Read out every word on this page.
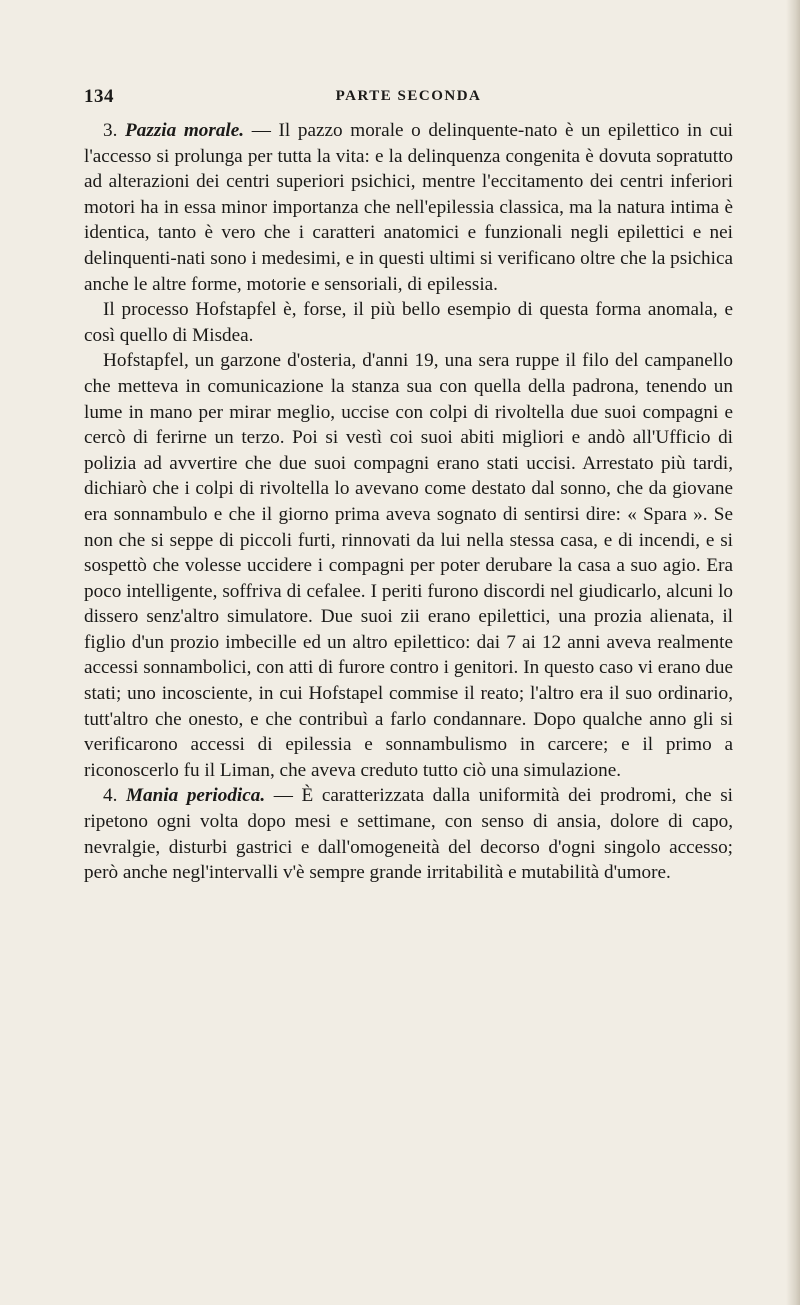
134	PARTE SECONDA

3. Pazzia morale. — Il pazzo morale o delinquente-nato è un epilettico in cui l'accesso si prolunga per tutta la vita: e la delinquenza congenita è dovuta sopratutto ad alterazioni dei centri superiori psichici, mentre l'eccitamento dei centri inferiori motori ha in essa minor importanza che nell'epilessia classica, ma la natura intima è identica, tanto è vero che i caratteri anatomici e funzionali negli epilettici e nei delinquenti-nati sono i medesimi, e in questi ultimi si verificano oltre che la psichica anche le altre forme, motorie e sensoriali, di epilessia.

Il processo Hofstapfel è, forse, il più bello esempio di questa forma anomala, e così quello di Misdea.

Hofstapfel, un garzone d'osteria, d'anni 19, una sera ruppe il filo del campanello che metteva in comunicazione la stanza sua con quella della padrona, tenendo un lume in mano per mirar meglio, uccise con colpi di rivoltella due suoi compagni e cercò di ferirne un terzo. Poi si vestì coi suoi abiti migliori e andò all'Ufficio di polizia ad avvertire che due suoi compagni erano stati uccisi. Arrestato più tardi, dichiarò che i colpi di rivoltella lo avevano come destato dal sonno, che da giovane era sonnambulo e che il giorno prima aveva sognato di sentirsi dire: « Spara ». Se non che si seppe di piccoli furti, rinnovati da lui nella stessa casa, e di incendi, e si sospettò che volesse uccidere i compagni per poter derubare la casa a suo agio. Era poco intelligente, soffriva di cefalee. I periti furono discordi nel giudicarlo, alcuni lo dissero senz'altro simulatore. Due suoi zii erano epilettici, una prozia alienata, il figlio d'un prozio imbecille ed un altro epilettico: dai 7 ai 12 anni aveva realmente accessi sonnambolici, con atti di furore contro i genitori. In questo caso vi erano due stati; uno incosciente, in cui Hofstapel commise il reato; l'altro era il suo ordinario, tutt'altro che onesto, e che contribuì a farlo condannare. Dopo qualche anno gli si verificarono accessi di epilessia e sonnambulismo in carcere; e il primo a riconoscerlo fu il Liman, che aveva creduto tutto ciò una simulazione.

4. Mania periodica. — È caratterizzata dalla uniformità dei prodromi, che si ripetono ogni volta dopo mesi e settimane, con senso di ansia, dolore di capo, nevralgie, disturbi gastrici e dall'omogeneità del decorso d'ogni singolo accesso; però anche negl'intervalli v'è sempre grande irritabilità e mutabilità d'umore.
